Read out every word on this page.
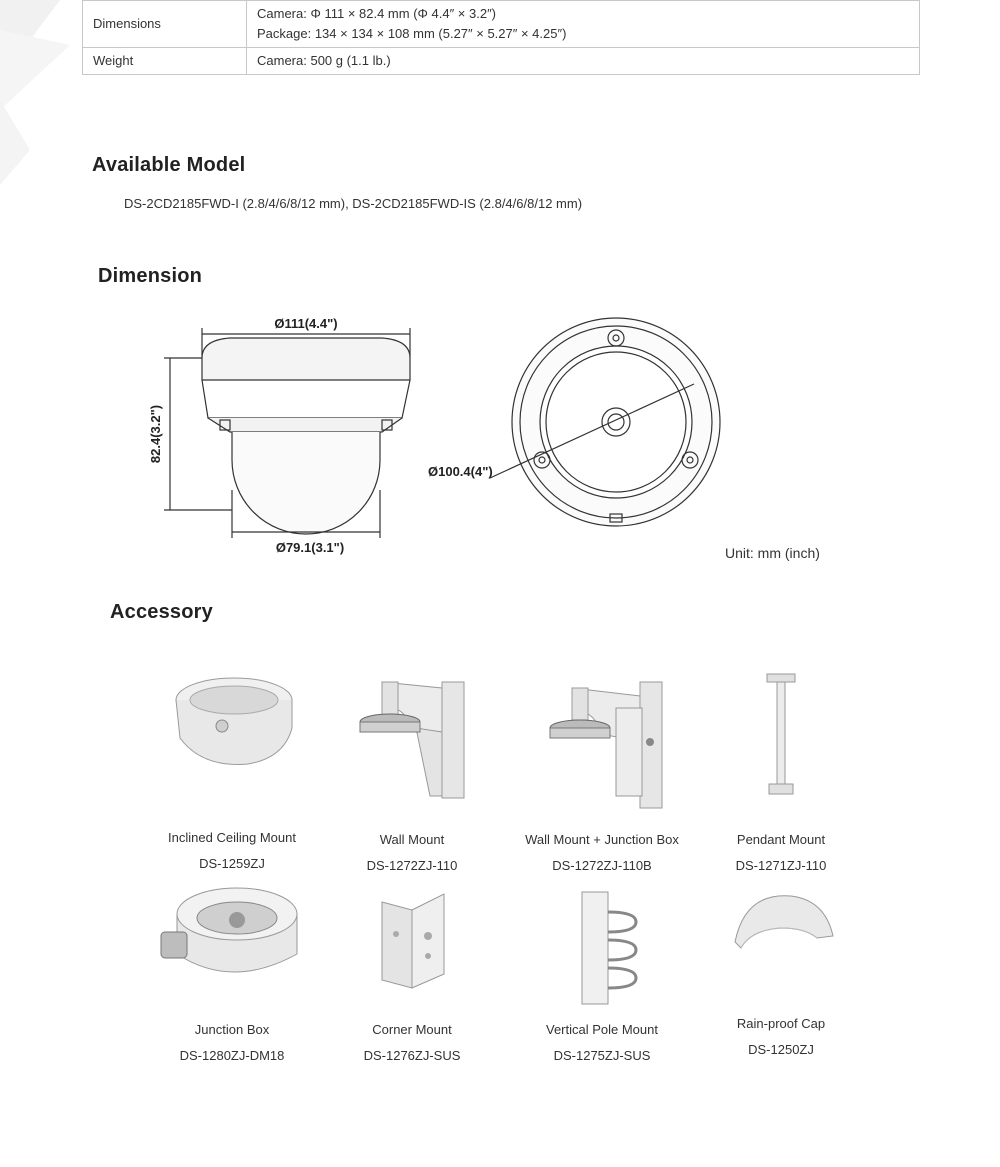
Dimensions	Camera: Φ 111 × 82.4 mm (Φ 4.4″ × 3.2″)
Package: 134 × 134 × 108 mm (5.27″ × 5.27″ × 4.25″)

Weight	Camera: 500 g (1.1 lb.)
Available Model
DS-2CD2185FWD-I (2.8/4/6/8/12 mm), DS-2CD2185FWD-IS (2.8/4/6/8/12 mm)
Dimension
Ø111(4.4")
82.4(3.2")
Ø79.1(3.1")
Ø100.4(4")
Unit: mm (inch)
Accessory
Inclined Ceiling Mount
DS-1259ZJ
Wall Mount
DS-1272ZJ-110
Wall Mount + Junction Box
DS-1272ZJ-110B
Pendant Mount
DS-1271ZJ-110
Junction Box
DS-1280ZJ-DM18
Corner Mount
DS-1276ZJ-SUS
Vertical Pole Mount
DS-1275ZJ-SUS
Rain-proof Cap
DS-1250ZJ
